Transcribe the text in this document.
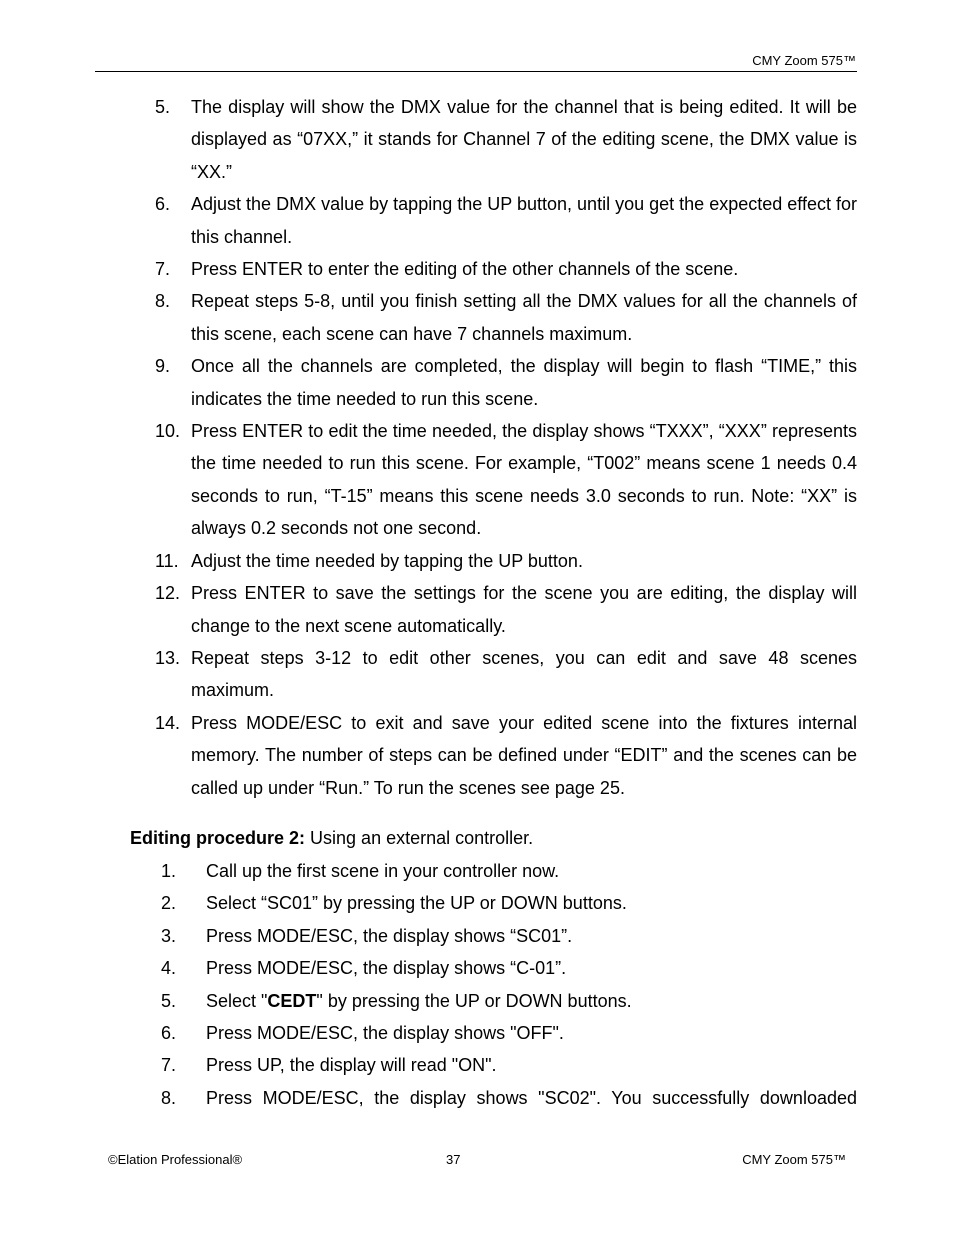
CMY Zoom 575™
5.	The display will show the DMX value for the channel that is being edited. It will be displayed as “07XX,” it stands for Channel 7 of the editing scene, the DMX value is “XX.”
6.	Adjust the DMX value by tapping the UP button, until you get the expected effect for this channel.
7.	Press ENTER to enter the editing of the other channels of the scene.
8.	Repeat steps 5-8, until you finish setting all the DMX values for all the channels of this scene, each scene can have 7 channels maximum.
9.	Once all the channels are completed, the display will begin to flash “TIME,” this indicates the time needed to run this scene.
10. Press ENTER to edit the time needed, the display shows “TXXX”, “XXX” represents the time needed to run this scene. For example, “T002” means scene 1 needs 0.4 seconds to run, “T-15” means this scene needs 3.0 seconds to run. Note: “XX” is always 0.2 seconds not one second.
11. Adjust the time needed by tapping the UP button.
12. Press ENTER to save the settings for the scene you are editing, the display will change to the next scene automatically.
13. Repeat steps 3-12 to edit other scenes, you can edit and save 48 scenes maximum.
14. Press MODE/ESC to exit and save your edited scene into the fixtures internal memory. The number of steps can be defined under “EDIT” and the scenes can be called up under “Run.” To run the scenes see page 25.
Editing procedure 2: Using an external controller.
1.	Call up the first scene in your controller now.
2.	Select “SC01” by pressing the UP or DOWN buttons.
3.	Press MODE/ESC, the display shows “SC01”.
4.	Press MODE/ESC, the display shows “C-01”.
5.	Select "CEDT" by pressing the UP or DOWN buttons.
6.	Press MODE/ESC, the display shows "OFF".
7.	Press UP, the display will read "ON".
8.	Press MODE/ESC, the display shows "SC02". You successfully downloaded
©Elation Professional®	37	CMY Zoom 575™
